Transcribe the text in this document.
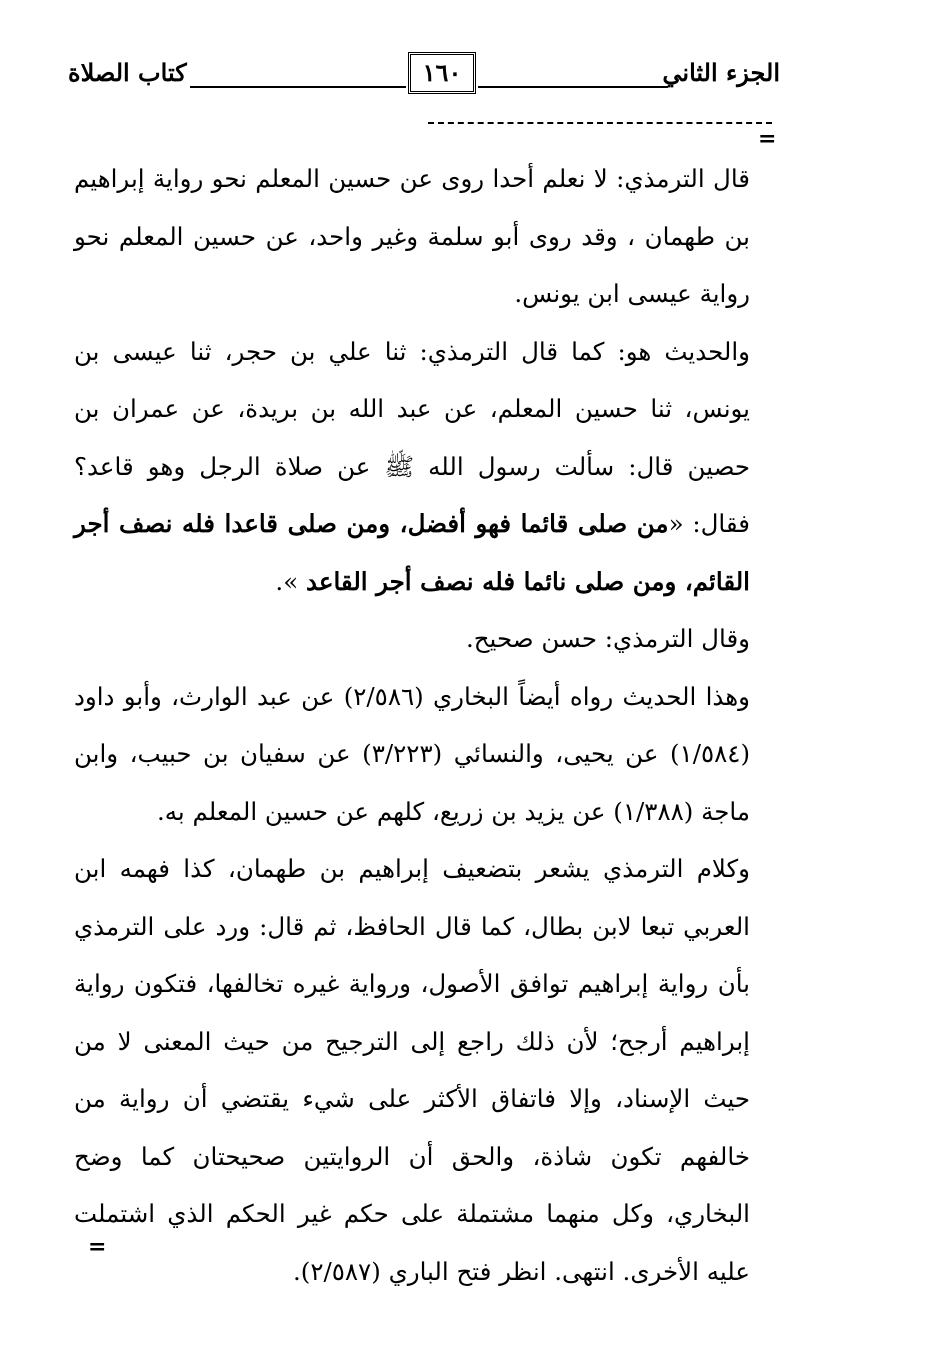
الجزء الثاني
١٦٠
كتاب الصلاة
=

قال الترمذي: لا نعلم أحدا روى عن حسين المعلم نحو رواية إبراهيم بن طهمان ، وقد روى أبو سلمة وغير واحد، عن حسين المعلم نحو رواية عيسى ابن يونس.

والحديث هو: كما قال الترمذي: ثنا علي بن حجر، ثنا عيسى بن يونس، ثنا حسين المعلم، عن عبد الله بن بريدة، عن عمران بن حصين قال: سألت رسول الله ﷺ عن صلاة الرجل وهو قاعد؟ فقال: «من صلى قائما فهو أفضل، ومن صلى قاعدا فله نصف أجر القائم، ومن صلى نائما فله نصف أجر القاعد ».

وقال الترمذي: حسن صحيح.

وهذا الحديث رواه أيضاً البخاري (٢/٥٨٦) عن عبد الوارث، وأبو داود (١/٥٨٤) عن يحيى، والنسائي (٣/٢٢٣) عن سفيان بن حبيب، وابن ماجة (١/٣٨٨) عن يزيد بن زريع، كلهم عن حسين المعلم به.

وكلام الترمذي يشعر بتضعيف إبراهيم بن طهمان، كذا فهمه ابن العربي تبعا لابن بطال، كما قال الحافظ، ثم قال: ورد على الترمذي بأن رواية إبراهيم توافق الأصول، ورواية غيره تخالفها، فتكون رواية إبراهيم أرجح؛ لأن ذلك راجع إلى الترجيح من حيث المعنى لا من حيث الإسناد، وإلا فاتفاق الأكثر على شيء يقتضي أن رواية من خالفهم تكون شاذة، والحق أن الروايتين صحيحتان كما وضح البخاري، وكل منهما مشتملة على حكم غير الحكم الذي اشتملت عليه الأخرى. انتهى. انظر فتح الباري (٢/٥٨٧).

=
